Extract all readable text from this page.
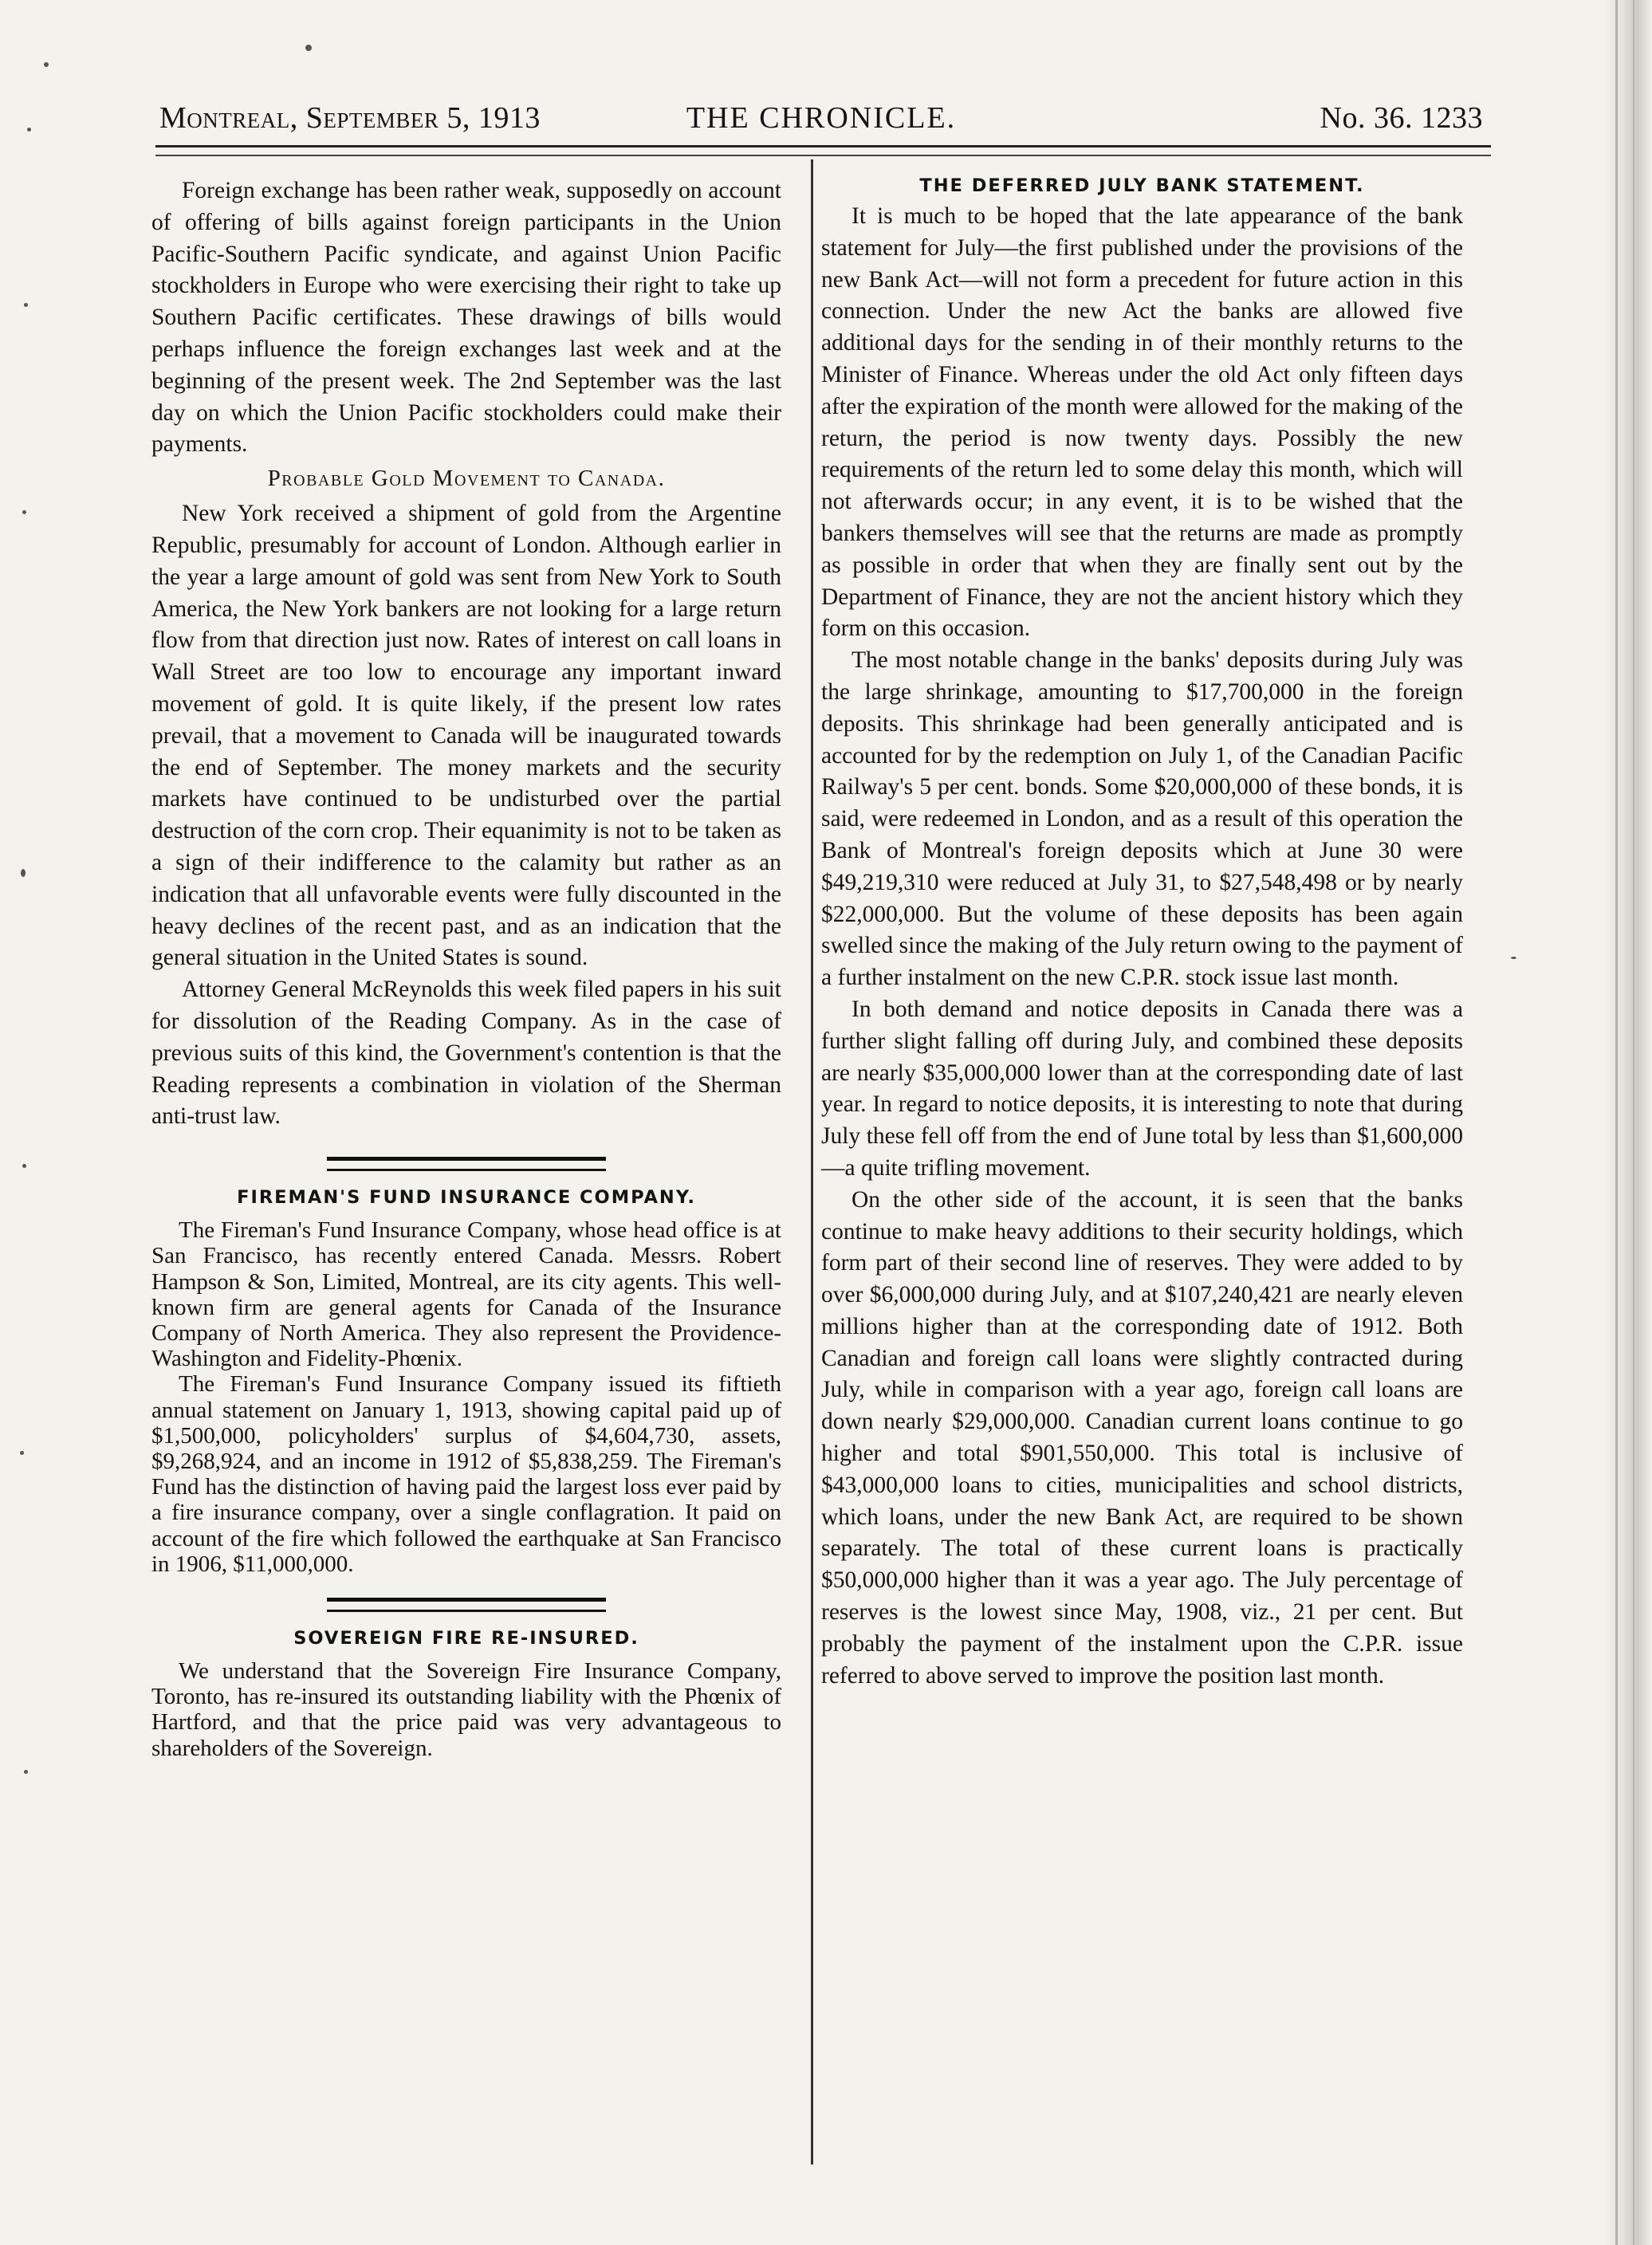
Montreal, September 5, 1913	THE CHRONICLE.	No. 36. 1233

Foreign exchange has been rather weak, supposedly on account of offering of bills against foreign participants in the Union Pacific-Southern Pacific syndicate, and against Union Pacific stockholders in Europe who were exercising their right to take up Southern Pacific certificates. These drawings of bills would perhaps influence the foreign exchanges last week and at the beginning of the present week. The 2nd September was the last day on which the Union Pacific stockholders could make their payments.

Probable Gold Movement to Canada.

New York received a shipment of gold from the Argentine Republic, presumably for account of London. Although earlier in the year a large amount of gold was sent from New York to South America, the New York bankers are not looking for a large return flow from that direction just now. Rates of interest on call loans in Wall Street are too low to encourage any important inward movement of gold. It is quite likely, if the present low rates prevail, that a movement to Canada will be inaugurated towards the end of September. The money markets and the security markets have continued to be undisturbed over the partial destruction of the corn crop. Their equanimity is not to be taken as a sign of their indifference to the calamity but rather as an indication that all unfavorable events were fully discounted in the heavy declines of the recent past, and as an indication that the general situation in the United States is sound.

Attorney General McReynolds this week filed papers in his suit for dissolution of the Reading Company. As in the case of previous suits of this kind, the Government's contention is that the Reading represents a combination in violation of the Sherman anti-trust law.

FIREMAN'S FUND INSURANCE COMPANY.

The Fireman's Fund Insurance Company, whose head office is at San Francisco, has recently entered Canada. Messrs. Robert Hampson & Son, Limited, Montreal, are its city agents. This well-known firm are general agents for Canada of the Insurance Company of North America. They also represent the Providence-Washington and Fidelity-Phœnix.

The Fireman's Fund Insurance Company issued its fiftieth annual statement on January 1, 1913, showing capital paid up of $1,500,000, policyholders' surplus of $4,604,730, assets, $9,268,924, and an income in 1912 of $5,838,259. The Fireman's Fund has the distinction of having paid the largest loss ever paid by a fire insurance company, over a single conflagration. It paid on account of the fire which followed the earthquake at San Francisco in 1906, $11,000,000.

SOVEREIGN FIRE RE-INSURED.

We understand that the Sovereign Fire Insurance Company, Toronto, has re-insured its outstanding liability with the Phœnix of Hartford, and that the price paid was very advantageous to shareholders of the Sovereign.

THE DEFERRED JULY BANK STATEMENT.

It is much to be hoped that the late appearance of the bank statement for July—the first published under the provisions of the new Bank Act—will not form a precedent for future action in this connection. Under the new Act the banks are allowed five additional days for the sending in of their monthly returns to the Minister of Finance. Whereas under the old Act only fifteen days after the expiration of the month were allowed for the making of the return, the period is now twenty days. Possibly the new requirements of the return led to some delay this month, which will not afterwards occur; in any event, it is to be wished that the bankers themselves will see that the returns are made as promptly as possible in order that when they are finally sent out by the Department of Finance, they are not the ancient history which they form on this occasion.

The most notable change in the banks' deposits during July was the large shrinkage, amounting to $17,700,000 in the foreign deposits. This shrinkage had been generally anticipated and is accounted for by the redemption on July 1, of the Canadian Pacific Railway's 5 per cent. bonds. Some $20,000,000 of these bonds, it is said, were redeemed in London, and as a result of this operation the Bank of Montreal's foreign deposits which at June 30 were $49,219,310 were reduced at July 31, to $27,548,498 or by nearly $22,000,000. But the volume of these deposits has been again swelled since the making of the July return owing to the payment of a further instalment on the new C.P.R. stock issue last month.

In both demand and notice deposits in Canada there was a further slight falling off during July, and combined these deposits are nearly $35,000,000 lower than at the corresponding date of last year. In regard to notice deposits, it is interesting to note that during July these fell off from the end of June total by less than $1,600,000—a quite trifling movement.

On the other side of the account, it is seen that the banks continue to make heavy additions to their security holdings, which form part of their second line of reserves. They were added to by over $6,000,000 during July, and at $107,240,421 are nearly eleven millions higher than at the corresponding date of 1912. Both Canadian and foreign call loans were slightly contracted during July, while in comparison with a year ago, foreign call loans are down nearly $29,000,000. Canadian current loans continue to go higher and total $901,550,000. This total is inclusive of $43,000,000 loans to cities, municipalities and school districts, which loans, under the new Bank Act, are required to be shown separately. The total of these current loans is practically $50,000,000 higher than it was a year ago. The July percentage of reserves is the lowest since May, 1908, viz., 21 per cent. But probably the payment of the instalment upon the C.P.R. issue referred to above served to improve the position last month.
